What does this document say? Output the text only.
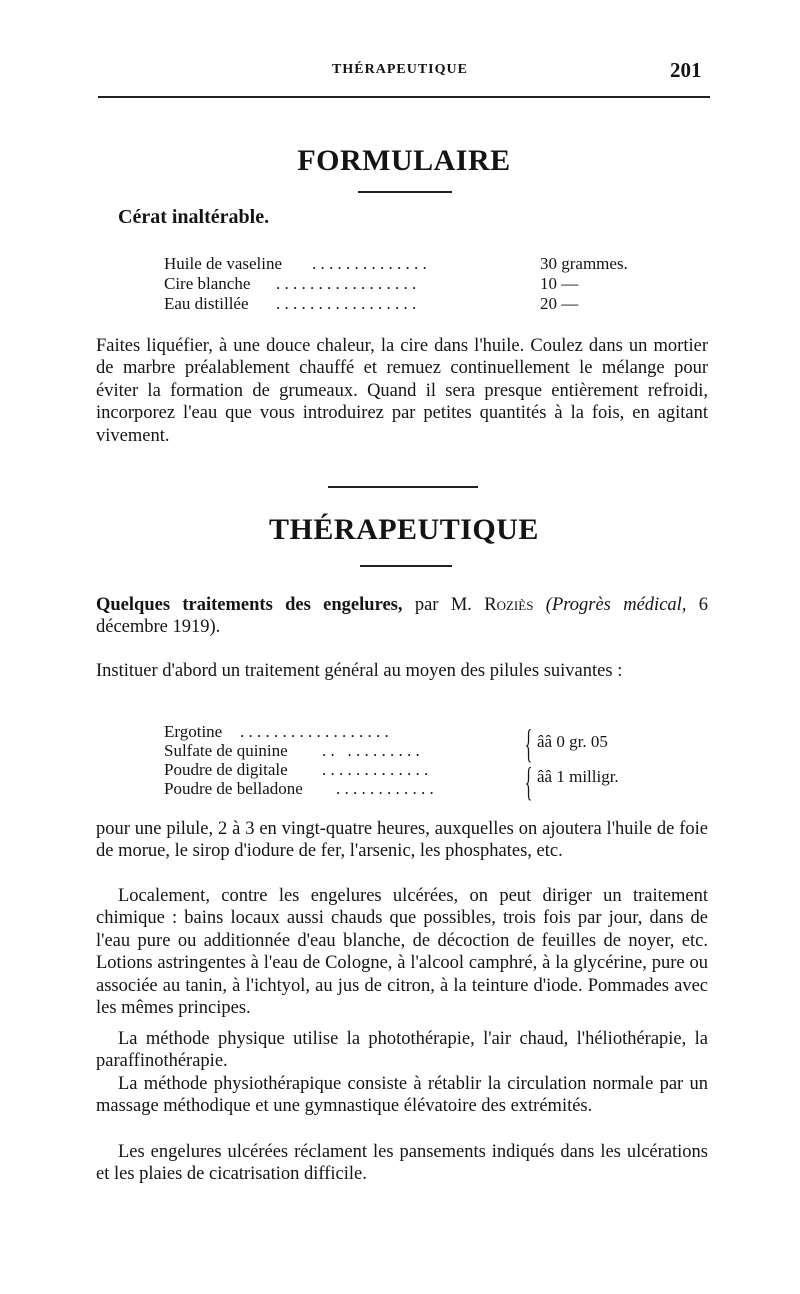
THÉRAPEUTIQUE	201
FORMULAIRE
Cérat inaltérable.
Huile de vaseline . . . . . . . . . . . . . .	30 grammes.
Cire blanche . . . . . . . . . . . . . . . . .	10 —
Eau distillée . . . . . . . . . . . . . . . . .	20 —
Faites liquéfier, à une douce chaleur, la cire dans l'huile. Coulez dans un mortier de marbre préalablement chauffé et remuez continuellement le mélange pour éviter la formation de grumeaux. Quand il sera presque entièrement refroidi, incorporez l'eau que vous introduirez par petites quantités à la fois, en agitant vivement.
THÉRAPEUTIQUE
Quelques traitements des engelures, par M. Roziès (Progrès médical, 6 décembre 1919).
Instituer d'abord un traitement général au moyen des pilules suivantes :
Ergotine . . . . . . . . . . . . . . . . . .
Sulfate de quinine . .   . . . . . . . . .	{ ââ 0 gr. 05
Poudre de digitale . . . . . . . . . . . . .
Poudre de belladone . . . . . . . . . . . . { ââ 1 milligr.
pour une pilule, 2 à 3 en vingt-quatre heures, auxquelles on ajoutera l'huile de foie de morue, le sirop d'iodure de fer, l'arsenic, les phosphates, etc.
Localement, contre les engelures ulcérées, on peut diriger un traitement chimique : bains locaux aussi chauds que possibles, trois fois par jour, dans de l'eau pure ou additionnée d'eau blanche, de décoction de feuilles de noyer, etc. Lotions astringentes à l'eau de Cologne, à l'alcool camphré, à la glycérine, pure ou associée au tanin, à l'ichtyol, au jus de citron, à la teinture d'iode. Pommades avec les mêmes principes.
La méthode physique utilise la photothérapie, l'air chaud, l'héliothérapie, la paraffinothérapie.
La méthode physiothérapique consiste à rétablir la circulation normale par un massage méthodique et une gymnastique élévatoire des extrémités.
Les engelures ulcérées réclament les pansements indiqués dans les ulcérations et les plaies de cicatrisation difficile.
